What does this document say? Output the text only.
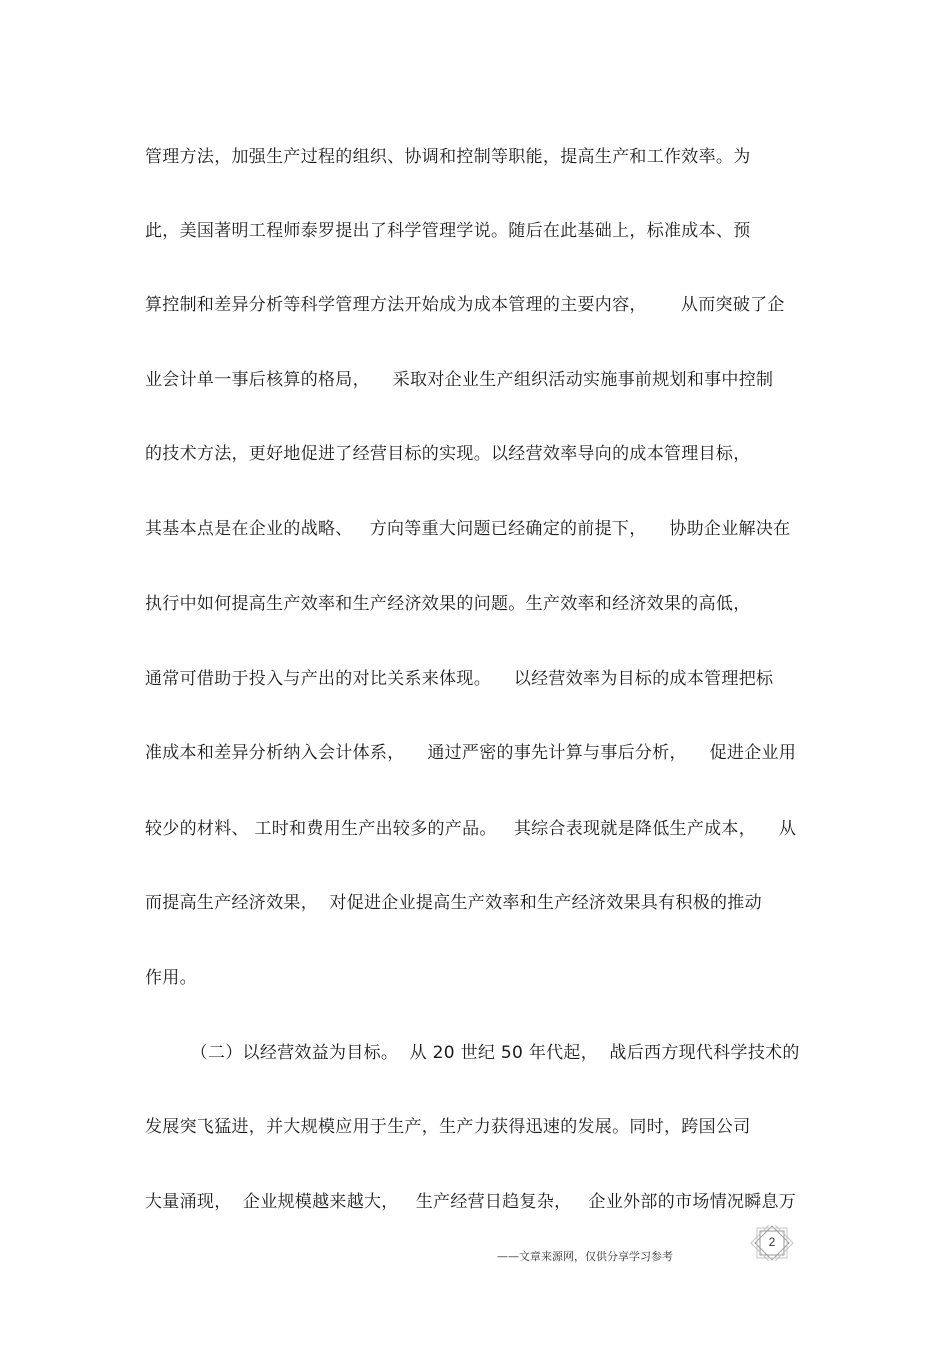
管理方法，加强生产过程的组织、协调和控制等职能，提高生产和工作效率。为
此，美国著明工程师泰罗提出了科学管理学说。随后在此基础上，标准成本、预
算控制和差异分析等科学管理方法开始成为成本管理的主要内容，      从而突破了企
业会计单一事后核算的格局，    采取对企业生产组织活动实施事前规划和事中控制
的技术方法，更好地促进了经营目标的实现。以经营效率导向的成本管理目标，
其基本点是在企业的战略、   方向等重大问题已经确定的前提下，    协助企业解决在
执行中如何提高生产效率和生产经济效果的问题。生产效率和经济效果的高低，
通常可借助于投入与产出的对比关系来体现。    以经营效率为目标的成本管理把标
准成本和差异分析纳入会计体系，    通过严密的事先计算与事后分析，    促进企业用
较少的材料、 工时和费用生产出较多的产品。   其综合表现就是降低生产成本，    从
而提高生产经济效果，  对促进企业提高生产效率和生产经济效果具有积极的推动
作用。
（二）以经营效益为目标。  从 20 世纪 50 年代起，  战后西方现代科学技术的
发展突飞猛进，并大规模应用于生产，生产力获得迅速的发展。同时，跨国公司
大量涌现，  企业规模越来越大，   生产经营日趋复杂，   企业外部的市场情况瞬息万
——文章来源网，仅供分享学习参考
2
